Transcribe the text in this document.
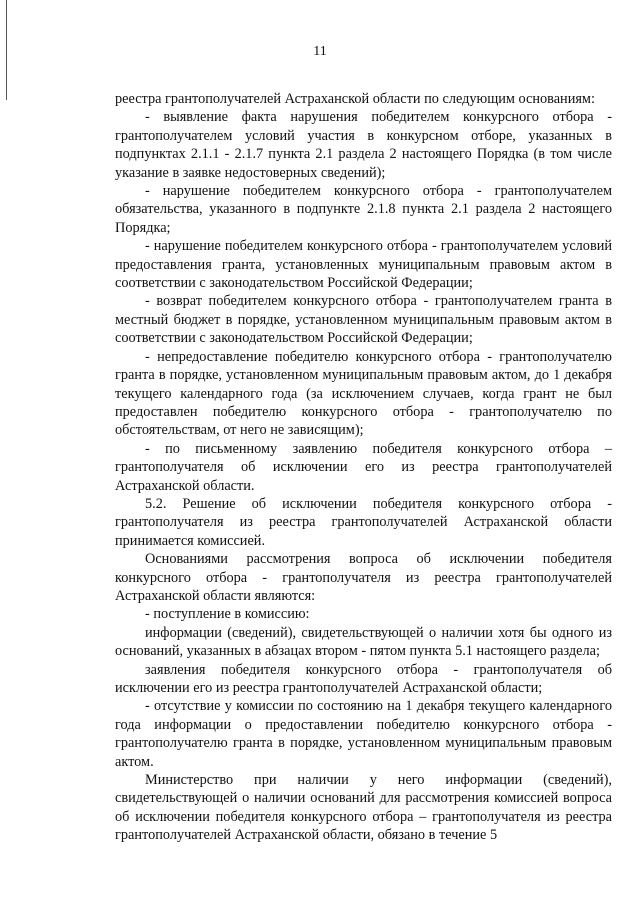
11

реестра грантополучателей Астраханской области по следующим основаниям:

- выявление факта нарушения победителем конкурсного отбора - грантополучателем условий участия в конкурсном отборе, указанных в подпунктах 2.1.1 - 2.1.7 пункта 2.1 раздела 2 настоящего Порядка (в том числе указание в заявке недостоверных сведений);

- нарушение победителем конкурсного отбора - грантополучателем обязательства, указанного в подпункте 2.1.8 пункта 2.1 раздела 2 настоящего Порядка;

- нарушение победителем конкурсного отбора - грантополучателем условий предоставления гранта, установленных муниципальным правовым актом в соответствии с законодательством Российской Федерации;

- возврат победителем конкурсного отбора - грантополучателем гранта в местный бюджет в порядке, установленном муниципальным правовым актом в соответствии с законодательством Российской Федерации;

- непредоставление победителю конкурсного отбора - грантополучателю гранта в порядке, установленном муниципальным правовым актом, до 1 декабря текущего календарного года (за исключением случаев, когда грант не был предоставлен победителю конкурсного отбора - грантополучателю по обстоятельствам, от него не зависящим);

- по письменному заявлению победителя конкурсного отбора – грантополучателя об исключении его из реестра грантополучателей Астраханской области.

5.2. Решение об исключении победителя конкурсного отбора - грантополучателя из реестра грантополучателей Астраханской области принимается комиссией.

Основаниями рассмотрения вопроса об исключении победителя конкурсного отбора - грантополучателя из реестра грантополучателей Астраханской области являются:

- поступление в комиссию:

информации (сведений), свидетельствующей о наличии хотя бы одного из оснований, указанных в абзацах втором - пятом пункта 5.1 настоящего раздела;

заявления победителя конкурсного отбора - грантополучателя об исключении его из реестра грантополучателей Астраханской области;

- отсутствие у комиссии по состоянию на 1 декабря текущего календарного года информации о предоставлении победителю конкурсного отбора - грантополучателю гранта в порядке, установленном муниципальным правовым актом.

Министерство при наличии у него информации (сведений), свидетельствующей о наличии оснований для рассмотрения комиссией вопроса об исключении победителя конкурсного отбора – грантополучателя из реестра грантополучателей Астраханской области, обязано в течение 5
